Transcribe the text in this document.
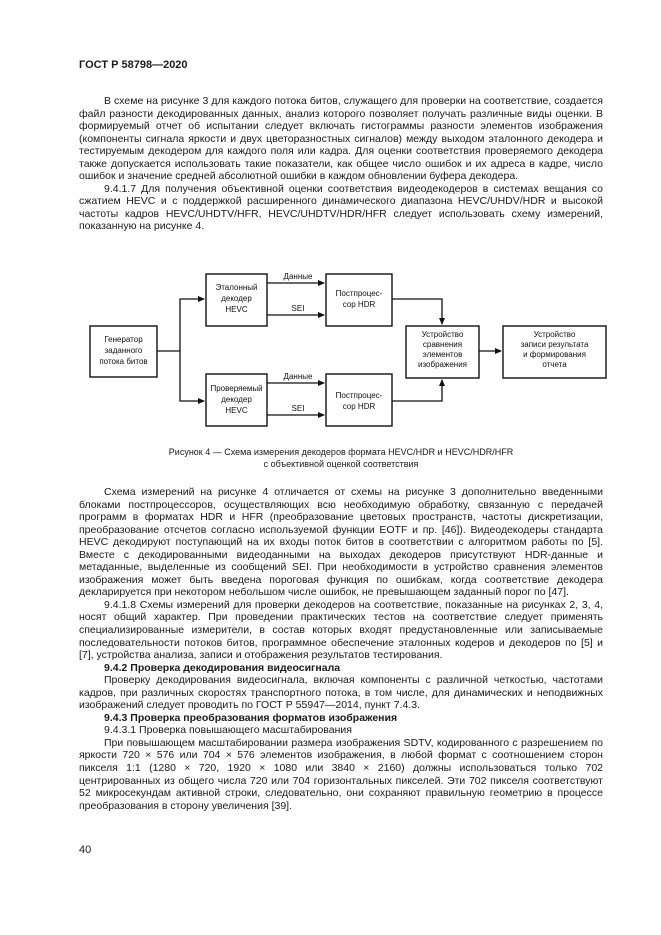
ГОСТ Р 58798—2020

В схеме на рисунке 3 для каждого потока битов, служащего для проверки на соответствие, создается файл разности декодированных данных, анализ которого позволяет получать различные виды оценки. В формируемый отчет об испытании следует включать гистограммы разности элементов изображения (компоненты сигнала яркости и двух цветоразностных сигналов) между выходом эталонного декодера и тестируемым декодером для каждого поля или кадра. Для оценки соответствия проверяемого декодера также допускается использовать такие показатели, как общее число ошибок и их адреса в кадре, число ошибок и значение средней абсолютной ошибки в каждом обновлении буфера декодера.

9.4.1.7 Для получения объективной оценки соответствия видеодекодеров в системах вещания со сжатием HEVC и с поддержкой расширенного динамического диапазона HEVC/UHDV/HDR и высокой частоты кадров HEVC/UHDTV/HFR, HEVC/UHDTV/HDR/HFR следует использовать схему измерений, показанную на рисунке 4.

Генератор
заданного
потока битов
Эталонный
декодер
HEVC
Проверяемый
декодер
HEVC
Постпроцес-
сор HDR
Постпроцес-
сор HDR
Устройство
сравнения
элементов
изображения
Устройство
записи результата
и формирования
отчета
Данные
SEI
Данные
SEI
Рисунок 4 — Схема измерения декодеров формата HEVC/HDR и HEVC/HDR/HFR
с объективной оценкой соответствия

Схема измерений на рисунке 4 отличается от схемы на рисунке 3 дополнительно введенными блоками постпроцессоров, осуществляющих всю необходимую обработку, связанную с передачей программ в форматах HDR и HFR (преобразование цветовых пространств, частоты дискретизации, преобразование отсчетов согласно используемой функции EOTF и пр. [46]). Видеодекодеры стандарта HEVC декодируют поступающий на их входы поток битов в соответствии с алгоритмом работы по [5]. Вместе с декодированными видеоданными на выходах декодеров присутствуют HDR-данные и метаданные, выделенные из сообщений SEI. При необходимости в устройство сравнения элементов изображения может быть введена пороговая функция по ошибкам, когда соответствие декодера декларируется при некотором небольшом числе ошибок, не превышающем заданный порог по [47].

9.4.1.8 Схемы измерений для проверки декодеров на соответствие, показанные на рисунках 2, 3, 4, носят общий характер. При проведении практических тестов на соответствие следует применять специализированные измерители, в состав которых входят предустановленные или записываемые последовательности потоков битов, программное обеспечение эталонных кодеров и декодеров по [5] и [7], устройства анализа, записи и отображения результатов тестирования.

9.4.2 Проверка декодирования видеосигнала

Проверку декодирования видеосигнала, включая компоненты с различной четкостью, частотами кадров, при различных скоростях транспортного потока, в том числе, для динамических и неподвижных изображений следует проводить по ГОСТ Р 55947—2014, пункт 7.4.3.

9.4.3 Проверка преобразования форматов изображения

9.4.3.1 Проверка повышающего масштабирования

При повышающем масштабировании размера изображения SDTV, кодированного с разрешением по яркости 720 × 576 или 704 × 576 элементов изображения, в любой формат с соотношением сторон пикселя 1:1 (1280 × 720, 1920 × 1080 или 3840 × 2160) должны использоваться только 702 центрированных из общего числа 720 или 704 горизонтальных пикселей. Эти 702 пикселя соответствуют 52 микросекундам активной строки, следовательно, они сохраняют правильную геометрию в процессе преобразования в сторону увеличения [39].

40
